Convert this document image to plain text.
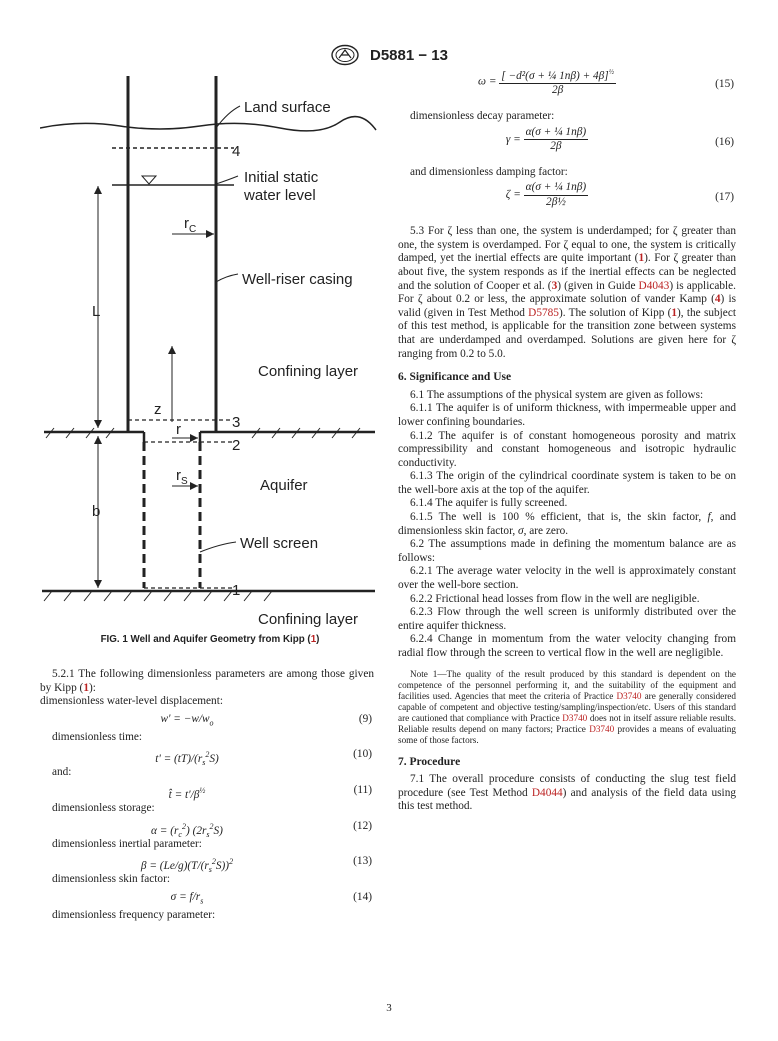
D5881 − 13
Land surface
4
Initial static
water level
$r_C$
Well-riser casing
L
Confining layer
z
3
r
2
$r_S$	Aquifer
b
Well screen
1
Confining layer
FIG. 1 Well and Aquifer Geometry from Kipp (1)

5.2.1 The following dimensionless parameters are among those given by Kipp (1):

dimensionless water-level displacement:

$w' = -w/w_o$	(9)

dimensionless time:

$t' = (tT)/(r_s^2S)$	(10)

and:

t̂ = $t'/\beta^{\frac{1}{2}}$	(11)

dimensionless storage:

$\alpha = (r_c^2)$ $(2r_s^2S)$	(12)

dimensionless inertial parameter:

$\beta = (Le/g)(T/(r_s^2S))^2$	(13)

dimensionless skin factor:

$\sigma = f/r_s$	(14)

dimensionless frequency parameter:

$\omega = \frac{[ -d^2(\sigma + \frac{1}{4} 1n\beta) + 4\beta]^{\frac{1}{2}}}{2\beta}$	(15)

dimensionless decay parameter:

$\gamma = \frac{\text{α(σ + ¼ 1nβ)}}{2\beta}$	(16)

and dimensionless damping factor:

$\zeta = \frac{\text{α(σ + ¼ 1nβ)}}{\text{2β½}}$	(17)

5.3 For ζ less than one, the system is underdamped; for ζ greater than one, the system is overdamped. For ζ equal to one, the system is critically damped, yet the inertial effects are quite important (1). For ζ greater than about five, the system responds as if the inertial effects can be neglected and the solution of Cooper et al. (3) (given in Guide D4043) is applicable. For ζ about 0.2 or less, the approximate solution of vander Kamp (4) is valid (given in Test Method D5785). The solution of Kipp (1), the subject of this test method, is applicable for the transition zone between systems that are underdamped and overdamped. Solutions are given here for ζ ranging from 0.2 to 5.0.

6. Significance and Use

6.1 The assumptions of the physical system are given as follows:

6.1.1 The aquifer is of uniform thickness, with impermeable upper and lower confining boundaries.

6.1.2 The aquifer is of constant homogeneous porosity and matrix compressibility and constant homogeneous and isotropic hydraulic conductivity.

6.1.3 The origin of the cylindrical coordinate system is taken to be on the well-bore axis at the top of the aquifer.

6.1.4 The aquifer is fully screened.

6.1.5 The well is 100 % efficient, that is, the skin factor, f, and dimensionless skin factor, σ, are zero.

6.2 The assumptions made in defining the momentum balance are as follows:

6.2.1 The average water velocity in the well is approximately constant over the well-bore section.

6.2.2 Frictional head losses from flow in the well are negligible.

6.2.3 Flow through the well screen is uniformly distributed over the entire aquifer thickness.

6.2.4 Change in momentum from the water velocity changing from radial flow through the screen to vertical flow in the well are negligible.

Note 1—The quality of the result produced by this standard is dependent on the competence of the personnel performing it, and the suitability of the equipment and facilities used. Agencies that meet the criteria of Practice D3740 are generally considered capable of competent and objective testing/sampling/inspection/etc. Users of this standard are cautioned that compliance with Practice D3740 does not in itself assure reliable results. Reliable results depend on many factors; Practice D3740 provides a means of evaluating some of those factors.

7. Procedure

7.1 The overall procedure consists of conducting the slug test field procedure (see Test Method D4044) and analysis of the field data using this test method.

3
